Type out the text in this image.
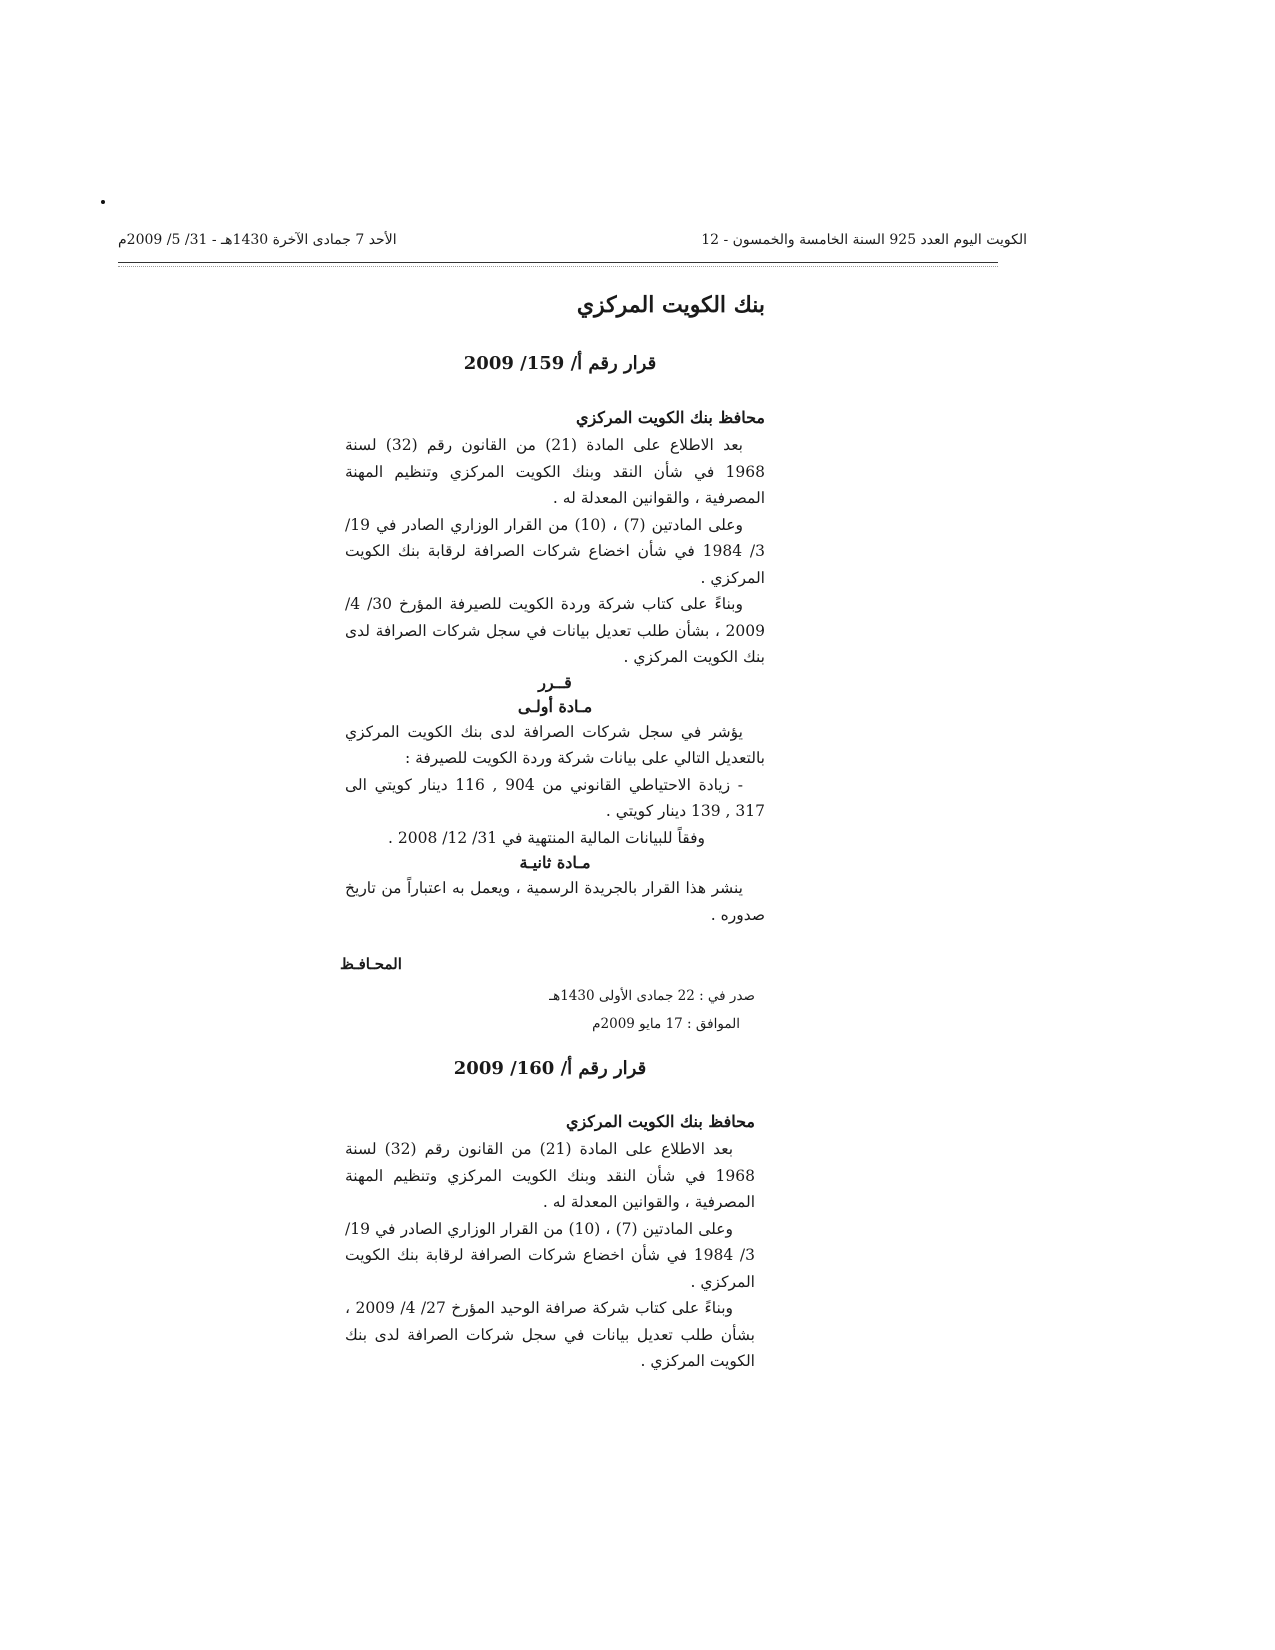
الكويت اليوم العدد 925 السنة الخامسة والخمسون - 12
الأحد 7 جمادى الآخرة 1430هـ - 31/ 5/ 2009م
بنك الكويت المركزي
قرار رقم أ/ 159/ 2009
محافظ بنك الكويت المركزي

بعد الاطلاع على المادة (21) من القانون رقم (32) لسنة 1968 في شأن النقد وبنك الكويت المركزي وتنظيم المهنة المصرفية ، والقوانين المعدلة له .

وعلى المادتين (7) ، (10) من القرار الوزاري الصادر في 19/ 3/ 1984 في شأن اخضاع شركات الصرافة لرقابة بنك الكويت المركزي .

وبناءً على كتاب شركة وردة الكويت للصيرفة المؤرخ 30/ 4/ 2009 ، بشأن طلب تعديل بيانات في سجل شركات الصرافة لدى بنك الكويت المركزي .

قــرر
مـادة أولـى

يؤشر في سجل شركات الصرافة لدى بنك الكويت المركزي بالتعديل التالي على بيانات شركة وردة الكويت للصيرفة :

- زيادة الاحتياطي القانوني من 904 , 116 دينار كويتي الى 317 , 139 دينار كويتي .

وفقاً للبيانات المالية المنتهية في 31/ 12/ 2008 .

مـادة ثانيـة

ينشر هذا القرار بالجريدة الرسمية ، ويعمل به اعتباراً من تاريخ صدوره .

المحـافـظ
صدر في : 22 جمادى الأولى 1430هـ
الموافق : 17 مايو 2009م
قرار رقم أ/ 160/ 2009
محافظ بنك الكويت المركزي

بعد الاطلاع على المادة (21) من القانون رقم (32) لسنة 1968 في شأن النقد وبنك الكويت المركزي وتنظيم المهنة المصرفية ، والقوانين المعدلة له .

وعلى المادتين (7) ، (10) من القرار الوزاري الصادر في 19/ 3/ 1984 في شأن اخضاع شركات الصرافة لرقابة بنك الكويت المركزي .

وبناءً على كتاب شركة صرافة الوحيد المؤرخ 27/ 4/ 2009 ، بشأن طلب تعديل بيانات في سجل شركات الصرافة لدى بنك الكويت المركزي .
